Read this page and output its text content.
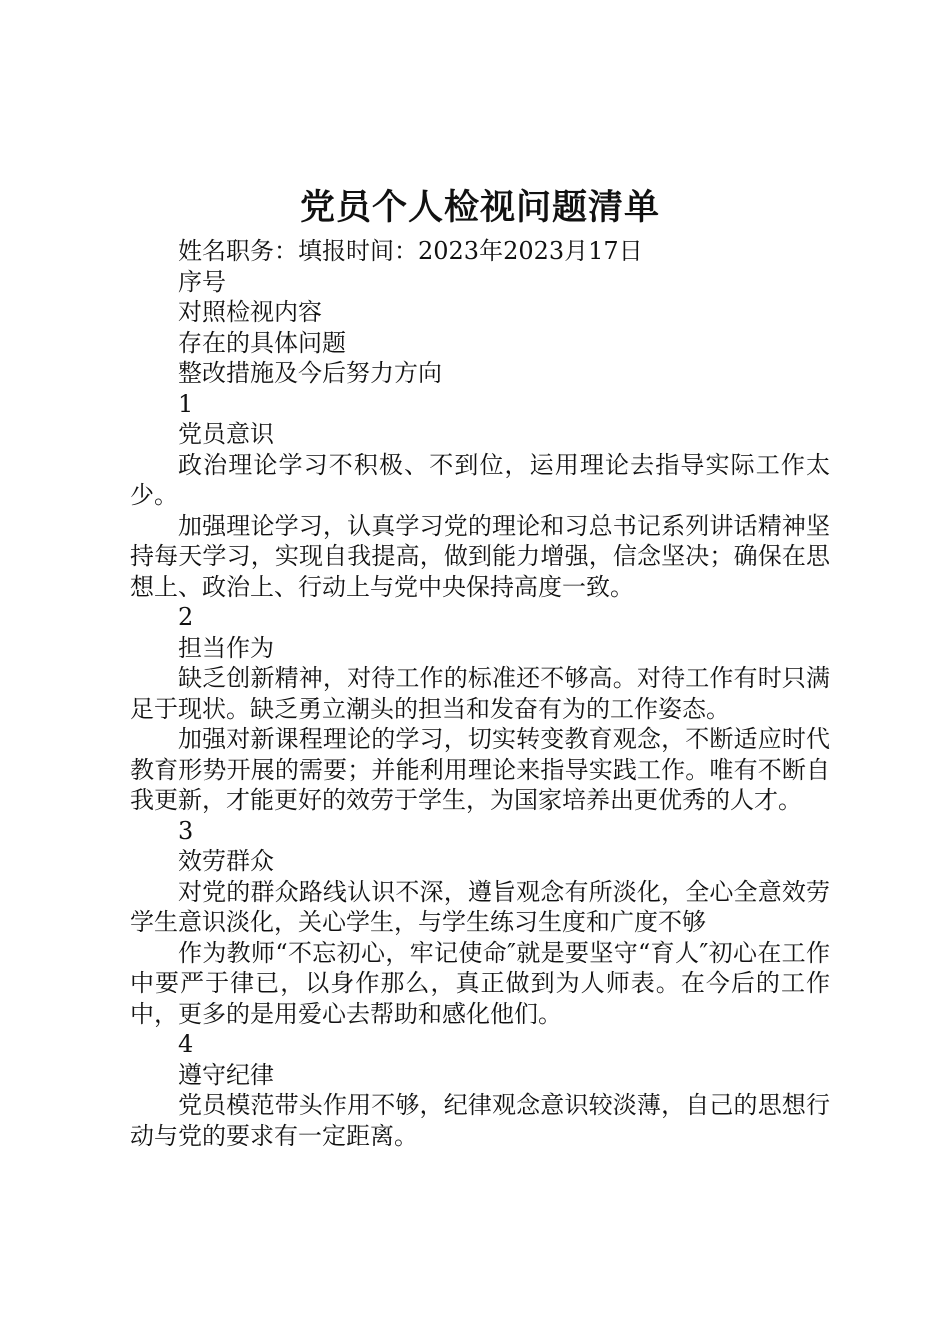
党员个人检视问题清单

姓名职务：填报时间：2023年2023月17日

序号

对照检视内容

存在的具体问题

整改措施及今后努力方向

1

党员意识

政治理论学习不积极、不到位，运用理论去指导实际工作太少。

加强理论学习，认真学习党的理论和习总书记系列讲话精神坚持每天学习，实现自我提高，做到能力增强，信念坚决；确保在思想上、政治上、行动上与党中央保持高度一致。

2

担当作为

缺乏创新精神，对待工作的标准还不够高。对待工作有时只满足于现状。缺乏勇立潮头的担当和发奋有为的工作姿态。

加强对新课程理论的学习，切实转变教育观念，不断适应时代教育形势开展的需要；并能利用理论来指导实践工作。唯有不断自我更新，才能更好的效劳于学生，为国家培养出更优秀的人才。

3

效劳群众

对党的群众路线认识不深，遵旨观念有所淡化，全心全意效劳学生意识淡化，关心学生，与学生练习生度和广度不够

作为教师“不忘初心，牢记使命″就是要坚守“育人″初心在工作中要严于律已，以身作那么，真正做到为人师表。在今后的工作中，更多的是用爱心去帮助和感化他们。

4

遵守纪律

党员模范带头作用不够，纪律观念意识较淡薄，自己的思想行动与党的要求有一定距离。
